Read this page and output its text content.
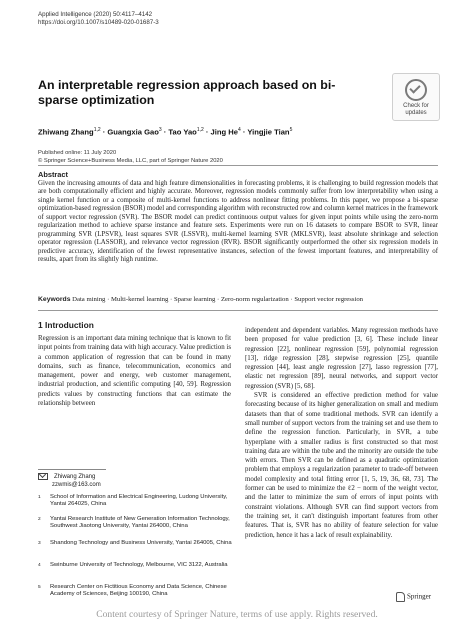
Applied Intelligence (2020) 50:4117–4142
https://doi.org/10.1007/s10489-020-01687-3
An interpretable regression approach based on bi-sparse optimization	Check for
updates
Zhiwang Zhang$^{1,2}$ · Guangxia Gao$^3$ · Tao Yao$^{1,2}$ · Jing $He^4$ · Yingjie Tian$^5$
Published online: 11 July 2020
© Springer Science+Business Media, LLC, part of Springer Nature 2020
Abstract
Given the increasing amounts of data and high feature dimensionalities in forecasting problems, it is challenging to build regression models that are both computationally efficient and highly accurate. Moreover, regression models commonly suffer from low interpretability when using a single kernel function or a composite of multi-kernel functions to address nonlinear fitting problems. In this paper, we propose a bi-sparse optimization-based regression (BSOR) model and corresponding algorithm with reconstructed row and column kernel matrices in the framework of support vector regression (SVR). The BSOR model can predict continuous output values for given input points while using the zero-norm regularization method to achieve sparse instance and feature sets. Experiments were run on 16 datasets to compare BSOR to SVR, linear programming SVR (LPSVR), least squares SVR (LSSVR), multi-kernel learning SVR (MKLSVR), least absolute shrinkage and selection operator regression (LASSOR), and relevance vector regression (RVR). BSOR significantly outperformed the other six regression models in predictive accuracy, identification of the fewest representative instances, selection of the fewest important features, and interpretability of results, apart from its slightly high runtime.
Keywords Data mining · Multi-kernel learning · Sparse learning · Zero-norm regularization · Support vector regression
1 Introduction
Regression is an important data mining technique that is known to fit input points from training data with high accuracy. Value prediction is a common application of regression that can be found in many domains, such as finance, telecommunication, economics and management, power and energy, web customer management, industrial production, and scientific computing [40, 59]. Regression predicts values by constructing functions that can estimate the relationship between

independent and dependent variables. Many regression methods have been proposed for value prediction [3, 6]. These include linear regression [22], nonlinear regression [59], polynomial regression [13], ridge regression [28], stepwise regression [25], quantile regression [44], least angle regression [27], lasso regression [77], elastic net regression [89], neural networks, and support vector regression (SVR) [5, 68].

SVR is considered an effective prediction method for value forecasting because of its higher generalization on small and medium datasets than that of some traditional methods. SVR can identify a small number of support vectors from the training set and use them to define the regression function. Particularly, in SVR, a tube hyperplane with a smaller radius is first constructed so that most training data are within the tube and the minority are outside the tube with errors. Then SVR can be defined as a quadratic optimization problem that employs a regularization parameter to trade-off between model complexity and total fitting error [1, 5, 19, 36, 68, 73]. The former can be used to minimize the ℓ2 − norm of the weight vector, and the latter to minimize the sum of errors of input points with constraint violations. Although SVR can find support vectors from the training set, it can't distinguish important features from other features. That is, SVR has no ability of feature selection for value prediction, hence it has a lack of result explainability.

Zhiwang Zhang
zzwmis@163.com
1 School of Information and Electrical Engineering, Ludong University, Yantai 264025, China
2 Yantai Research Institute of New Generation Information Technology, Southwest Jiaotong University, Yantai 264000, China
3 Shandong Technology and Business University, Yantai 264005, China
4 Swinburne University of Technology, Melbourne, VIC 3122, Australia
5 Research Center on Fictitious Economy and Data Science, Chinese Academy of Sciences, Beijing 100190, China	Springer
Content courtesy of Springer Nature, terms of use apply. Rights reserved.
